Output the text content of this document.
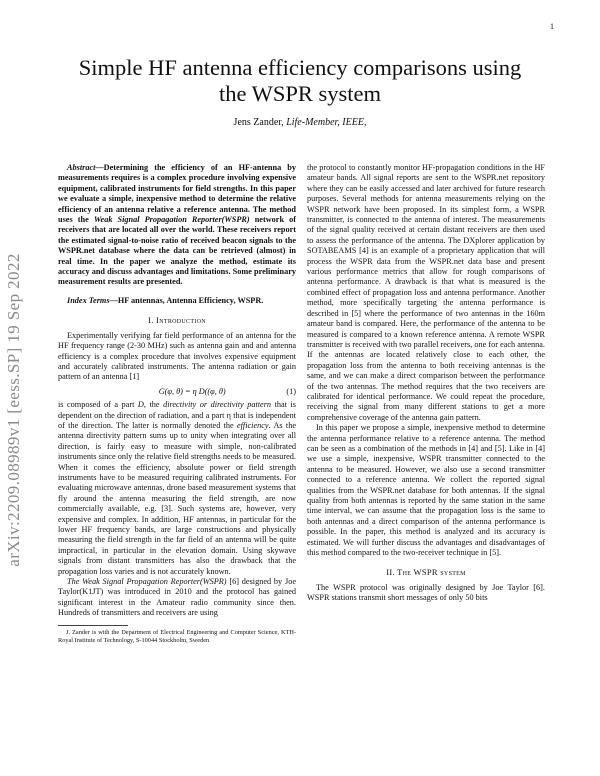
1
arXiv:2209.08989v1 [eess.SP] 19 Sep 2022
Simple HF antenna efficiency comparisons using
the WSPR system
Jens Zander, Life-Member, IEEE,

Abstract—Determining the efficiency of an HF-antenna by measurements requires is a complex procedure involving expensive equipment, calibrated instruments for field strengths. In this paper we evaluate a simple, inexpensive method to determine the relative efficiency of an antenna relative a reference antenna. The method uses the Weak Signal Propagation Reporter(WSPR) network of receivers that are located all over the world. These receivers report the estimated signal-to-noise ratio of received beacon signals to the WSPR.net database where the data can be retrieved (almost) in real time. In the paper we analyze the method, estimate its accuracy and discuss advantages and limitations. Some preliminary measurement results are presented.

Index Terms—HF antennas, Antenna Efficiency, WSPR.

I. Introduction

Experimentally verifying far field performance of an antenna for the HF frequency range (2-30 MHz) such as antenna gain and and antenna efficiency is a complex procedure that involves expensive equipment and accurately calibrated instruments. The antenna radiation or gain pattern of an antenna [1]

G(φ, θ) = η D((φ, θ)	(1)

is composed of a part D, the directivity or directivity pattern that is dependent on the direction of radiation, and a part η that is independent of the direction. The latter is normally denoted the efficiency. As the antenna directivity pattern sums up to unity when integrating over all direction, is fairly easy to measure with simple, non-calibrated instruments since only the relative field strengths needs to be measured. When it comes the efficiency, absolute power or field strength instruments have to be measured requiring calibrated instruments. For evaluating microwave antennas, drone based measurement systems that fly around the antenna measuring the field strength, are now commercially available, e.g. [3]. Such systems are, however, very expensive and complex. In addition, HF antennas, in particular for the lower HF frequency bands, are large constructions and physically measuring the field strength in the far field of an antenna will be quite impractical, in particular in the elevation domain. Using skywave signals from distant transmitters has also the drawback that the propagation loss varies and is not accurately known.

The Weak Signal Propagation Reporter(WSPR) [6] designed by Joe Taylor(K1JT) was introduced in 2010 and the protocol has gained significant interest in the Amateur radio community since then. Hundreds of transmitters and receivers are using

J. Zander is with the Department of Electrical Engineering and Computer Science, KTH-Royal Institute of Technology, S-10044 Stockholm, Sweden

the protocol to constantly monitor HF-propagation conditions in the HF amateur bands. All signal reports are sent to the WSPR.net repository where they can be easily accessed and later archived for future research purposes. Several methods for antenna measurements relying on the WSPR network have been proposed. In its simplest form, a WSPR transmitter, is connected to the antenna of interest. The measurements of the signal quality received at certain distant receivers are then used to assess the performance of the antenna. The DXplorer application by SOTABEAMS [4] is an example of a proprietary application that will process the WSPR data from the WSPR.net data base and present various performance metrics that allow for rough comparisons of antenna performance. A drawback is that what is measured is the combined effect of propagation loss and antenna performance. Another method, more specifically targeting the antenna performance is described in [5] where the performance of two antennas in the 160m amateur band is compared. Here, the performance of the antenna to be measured is compared to a known reference antenna. A remote WSPR transmitter is received with two parallel receivers, one for each antenna. If the antennas are located relatively close to each other, the propagation loss from the antenna to both receiving antennas is the same, and we can make a direct comparison between the performance of the two antennas. The method requires that the two receivers are calibrated for identical performance. We could repeat the procedure, receiving the signal from many different stations to get a more comprehensive coverage of the antenna gain pattern.

In this paper we propose a simple, inexpensive method to determine the antenna performance relative to a reference antenna. The method can be seen as a combination of the methods in [4] and [5]. Like in [4] we use a simple, inexpensive, WSPR transmitter connected to the antenna to be measured. However, we also use a second transmitter connected to a reference antenna. We collect the reported signal qualities from the WSPR.net database for both antennas. If the signal quality from both antennas is reported by the same station in the same time interval, we can assume that the propagation loss is the same to both antennas and a direct comparison of the antenna performance is possible. In the paper, this method is analyzed and its accuracy is estimated. We will further discuss the advantages and disadvantages of this method compared to the two-receiver technique in [5].

II. The WSPR system

The WSPR protocol was originally designed by Joe Taylor [6]. WSPR stations transmit short messages of only 50 bits
